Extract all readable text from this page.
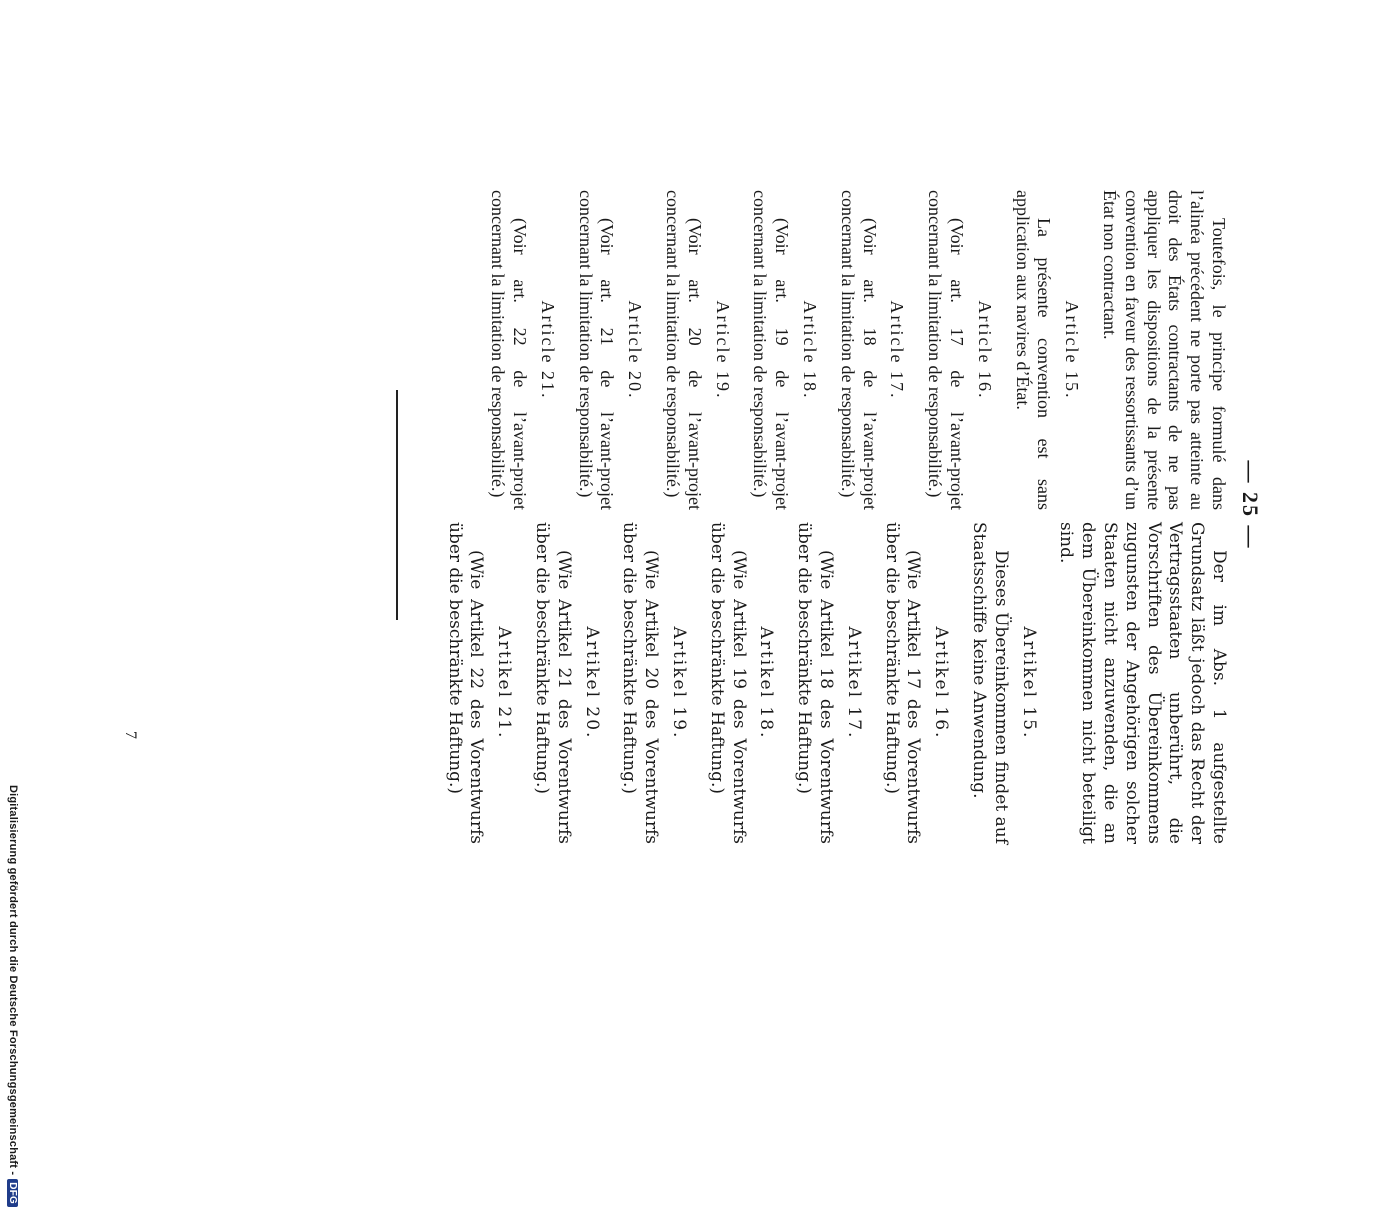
— 25 —

Toutefois, le principe formulé dans l’alinéa précédent ne porte pas atteinte au droit des États contractants de ne pas appliquer les dispositions de la présente convention en faveur des ressortissants d’un État non contractant.

Article 15.

La présente convention est sans application aux navires d’État.

Article 16.

(Voir art. 17 de l’avant-projet concernant la limitation de responsabilité.)

Article 17.

(Voir art. 18 de l’avant-projet concernant la limitation de responsabilité.)

Article 18.

(Voir art. 19 de l’avant-projet concernant la limitation de responsabilité.)

Article 19.

(Voir art. 20 de l’avant-projet concernant la limitation de responsabilité.)

Article 20.

(Voir art. 21 de l’avant-projet concernant la limitation de responsabilité.)

Article 21.

(Voir art. 22 de l’avant-projet concernant la limitation de responsabilité.)

Der im Abs. 1 aufgestellte Grundsatz läßt jedoch das Recht der Vertragsstaaten unberührt, die Vorschriften des Übereinkommens zugunsten der Angehörigen solcher Staaten nicht anzuwenden, die an dem Übereinkommen nicht beteiligt sind.

Artikel 15.

Dieses Übereinkommen findet auf Staatsschiffe keine Anwendung.

Artikel 16.

(Wie Artikel 17 des Vorentwurfs über die beschränkte Haftung.)

Artikel 17.

(Wie Artikel 18 des Vorentwurfs über die beschränkte Haftung.)

Artikel 18.

(Wie Artikel 19 des Vorentwurfs über die beschränkte Haftung.)

Artikel 19.

(Wie Artikel 20 des Vorentwurfs über die beschränkte Haftung.)

Artikel 20.

(Wie Artikel 21 des Vorentwurfs über die beschränkte Haftung.)

Artikel 21.

(Wie Artikel 22 des Vorentwurfs über die beschränkte Haftung.)

7
Digitalisierung gefördert durch die Deutsche Forschungsgemeinschaft -DFG
